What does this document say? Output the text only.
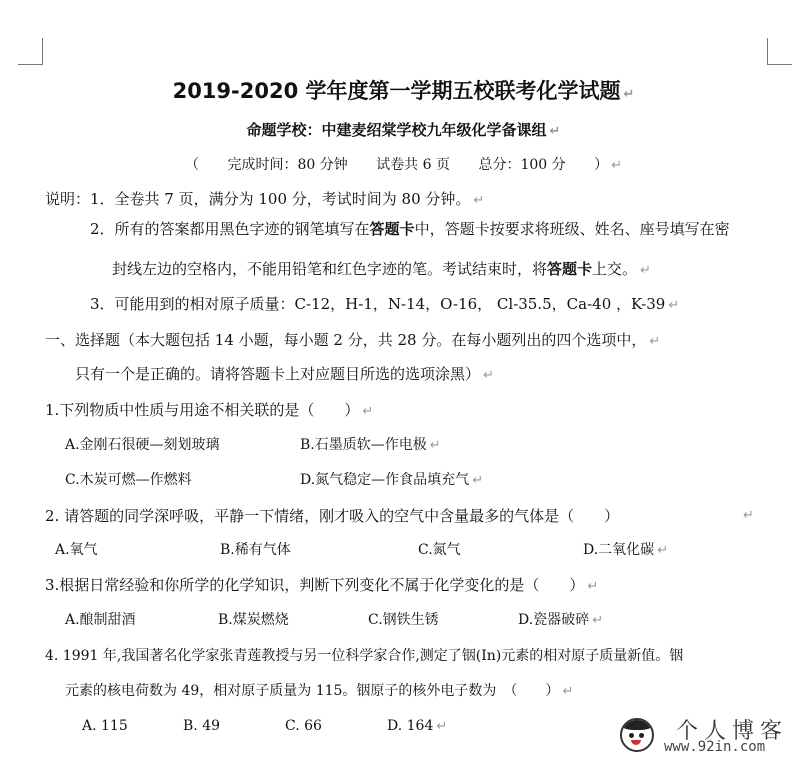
2019-2020 学年度第一学期五校联考化学试题 ↵
命题学校：中建麦绍棠学校九年级化学备课组 ↵
（ 完成时间：80 分钟 试卷共 6 页 总分：100 分 ） ↵
说明：1．全卷共 7 页，满分为 100 分，考试时间为 80 分钟。 ↵
2．所有的答案都用黑色字迹的钢笔填写在答题卡中，答题卡按要求将班级、姓名、座号填写在密
封线左边的空格内，不能用铅笔和红色字迹的笔。考试结束时，将答题卡上交。 ↵
3．可能用到的相对原子质量：C-12，H-1，N-14，O-16， Cl-35.5，Ca-40 ，K-39 ↵
一、选择题（本大题包括 14 小题，每小题 2 分，共 28 分。在每小题列出的四个选项中， ↵
只有一个是正确的。请将答题卡上对应题目所选的选项涂黑） ↵
1.下列物质中性质与用途不相关联的是（　　） ↵
A.金刚石很硬—刻划玻璃	B.石墨质软—作电极 ↵
C.木炭可燃—作燃料	D.氮气稳定—作食品填充气 ↵
2. 请答题的同学深呼吸，平静一下情绪，刚才吸入的空气中含量最多的气体是（　　）	↵
A.氧气	B.稀有气体	C.氮气	D.二氧化碳 ↵
3.根据日常经验和你所学的化学知识，判断下列变化不属于化学变化的是（　　） ↵
A.酿制甜酒	B.煤炭燃烧	C.钢铁生锈	D.瓷器破碎 ↵
4. 1991 年,我国著名化学家张青莲教授与另一位科学家合作,测定了铟(In)元素的相对原子质量新值。铟
元素的核电荷数为 49，相对原子质量为 115。铟原子的核外电子数为　（　　） ↵
A. 115	B. 49	C. 66	D. 164 ↵	个人博客
www.92in.com
